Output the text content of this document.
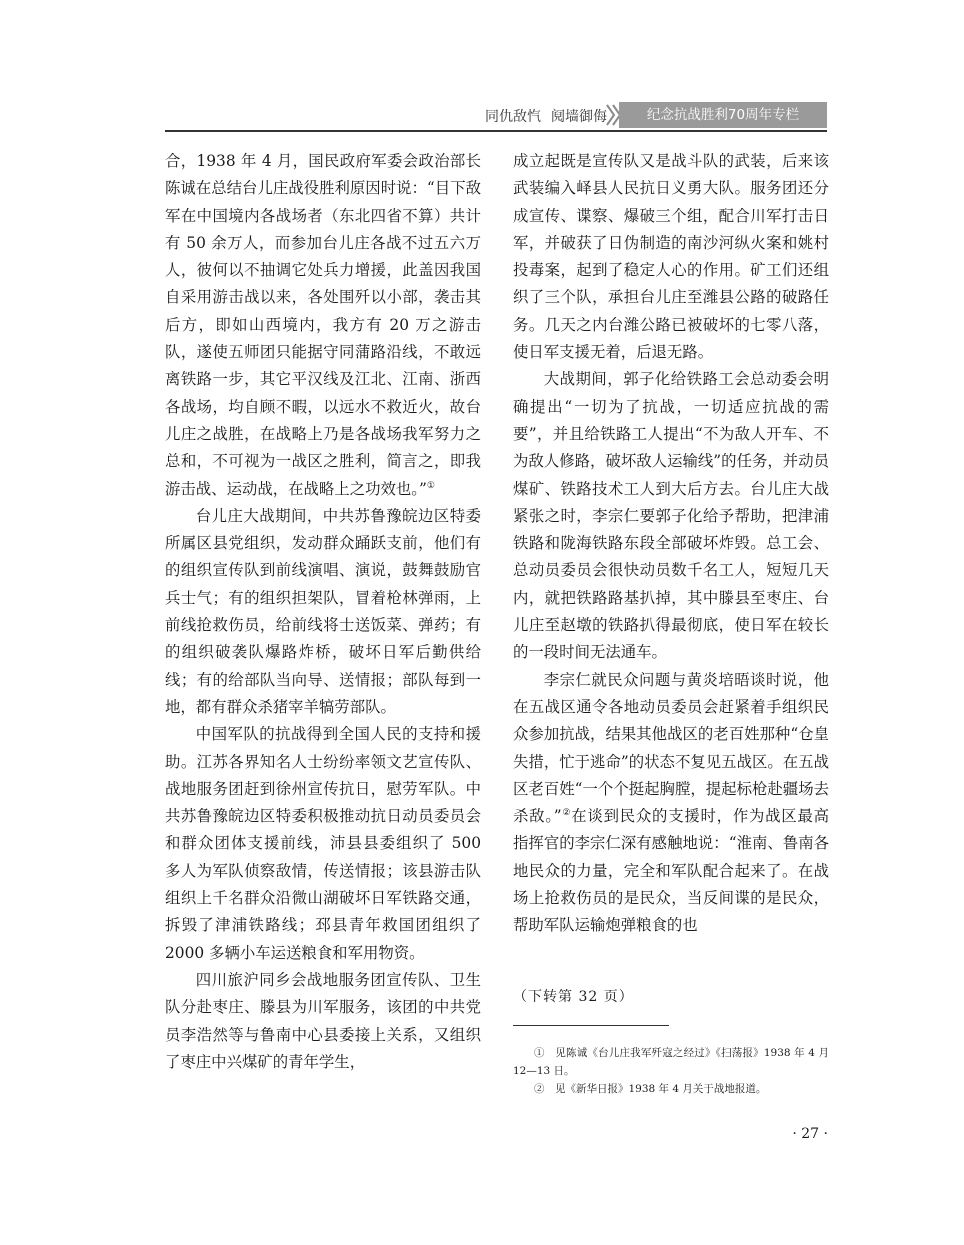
同仇敌忾 阋墙御侮	纪念抗战胜利70周年专栏

合，1938 年 4 月，国民政府军委会政治部长陈诚在总结台儿庄战役胜利原因时说：“目下敌军在中国境内各战场者（东北四省不算）共计有 50 余万人，而参加台儿庄各战不过五六万人，彼何以不抽调它处兵力增援，此盖因我国自采用游击战以来，各处围歼以小部，袭击其后方，即如山西境内，我方有 20 万之游击队，遂使五师团只能据守同蒲路沿线，不敢远离铁路一步，其它平汉线及江北、江南、浙西各战场，均自顾不暇，以远水不救近火，故台儿庄之战胜，在战略上乃是各战场我军努力之总和，不可视为一战区之胜利，简言之，即我游击战、运动战，在战略上之功效也。”①

台儿庄大战期间，中共苏鲁豫皖边区特委所属区县党组织，发动群众踊跃支前，他们有的组织宣传队到前线演唱、演说，鼓舞鼓励官兵士气；有的组织担架队，冒着枪林弹雨，上前线抢救伤员，给前线将士送饭菜、弹药；有的组织破袭队爆路炸桥，破坏日军后勤供给线；有的给部队当向导、送情报；部队每到一地，都有群众杀猪宰羊犒劳部队。

中国军队的抗战得到全国人民的支持和援助。江苏各界知名人士纷纷率领文艺宣传队、战地服务团赶到徐州宣传抗日，慰劳军队。中共苏鲁豫皖边区特委积极推动抗日动员委员会和群众团体支援前线，沛县县委组织了 500 多人为军队侦察敌情，传送情报；该县游击队组织上千名群众沿微山湖破坏日军铁路交通，拆毁了津浦铁路线；邳县青年救国团组织了 2000 多辆小车运送粮食和军用物资。

四川旅沪同乡会战地服务团宣传队、卫生队分赴枣庄、滕县为川军服务，该团的中共党员李浩然等与鲁南中心县委接上关系，又组织了枣庄中兴煤矿的青年学生，

成立起既是宣传队又是战斗队的武装，后来该武装编入峄县人民抗日义勇大队。服务团还分成宣传、谍察、爆破三个组，配合川军打击日军，并破获了日伪制造的南沙河纵火案和姚村投毒案，起到了稳定人心的作用。矿工们还组织了三个队，承担台儿庄至潍县公路的破路任务。几天之内台潍公路已被破坏的七零八落，使日军支援无着，后退无路。

大战期间，郭子化给铁路工会总动委会明确提出“一切为了抗战，一切适应抗战的需要”，并且给铁路工人提出“不为敌人开车、不为敌人修路，破坏敌人运输线”的任务，并动员煤矿、铁路技术工人到大后方去。台儿庄大战紧张之时，李宗仁要郭子化给予帮助，把津浦铁路和陇海铁路东段全部破坏炸毁。总工会、总动员委员会很快动员数千名工人，短短几天内，就把铁路路基扒掉，其中滕县至枣庄、台儿庄至赵墩的铁路扒得最彻底，使日军在较长的一段时间无法通车。

李宗仁就民众问题与黄炎培晤谈时说，他在五战区通令各地动员委员会赶紧着手组织民众参加抗战，结果其他战区的老百姓那种“仓皇失措，忙于逃命”的状态不复见五战区。在五战区老百姓“一个个挺起胸膛，提起标枪赴疆场去杀敌。”②在谈到民众的支援时，作为战区最高指挥官的李宗仁深有感触地说：“淮南、鲁南各地民众的力量，完全和军队配合起来了。在战场上抢救伤员的是民众，当反间谍的是民众，帮助军队运输炮弹粮食的也

（下转第 32 页）

①　见陈诚《台儿庄我军歼寇之经过》《扫荡报》1938 年 4 月 12—13 日。

②　见《新华日报》1938 年 4 月关于战地报道。

· 27 ·
